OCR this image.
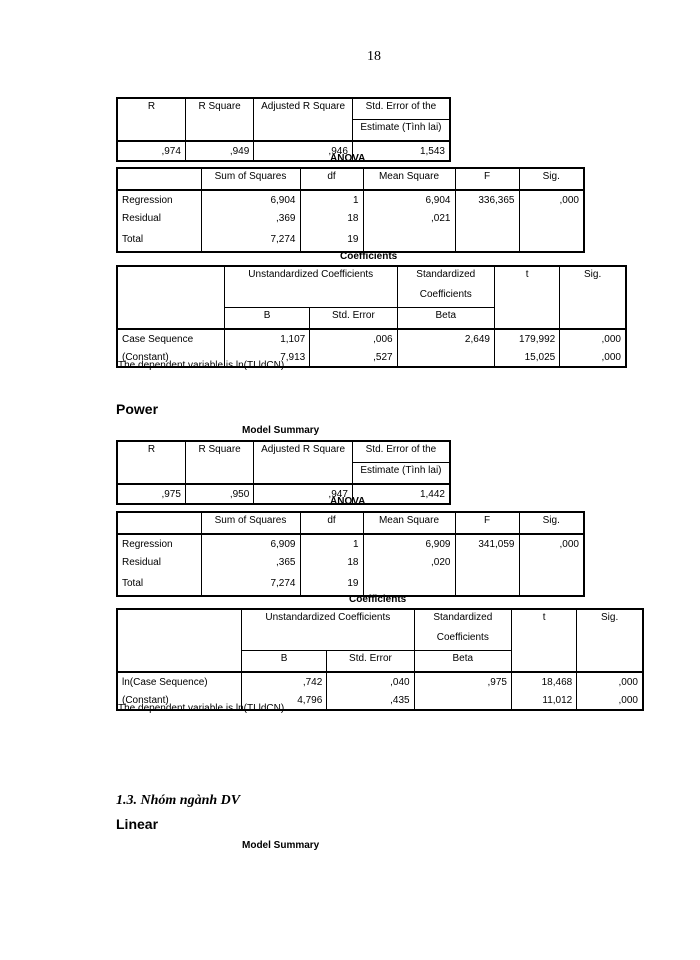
18
R	R Square	Adjusted R Square	Std. Error of the
			Estimate (Tình lai)
,974	,949	,946	1,543
ANOVA
	Sum of Squares	df	Mean Square	F	Sig.
Regression	6,904	1	6,904	336,365	,000
Residual	,369	18	,021		
Total	7,274	19			
Coefficients
	Unstandardized Coefficients		Standardized	t	Sig.
			Coefficients		
	B	Std. Error	Beta		
Case Sequence	1,107	,006	2,649	179,992	,000
(Constant)	7,913	,527		15,025	,000
The dependent variable is ln(TLldCN).
Power
Model Summary
R	R Square	Adjusted R Square	Std. Error of the
			Estimate (Tình lai)
,975	,950	,947	1,442
ANOVA
	Sum of Squares	df	Mean Square	F	Sig.
Regression	6,909	1	6,909	341,059	,000
Residual	,365	18	,020		
Total	7,274	19			
Coefficients
	Unstandardized Coefficients		Standardized	t	Sig.
			Coefficients		
	B	Std. Error	Beta		
ln(Case Sequence)	,742	,040	,975	18,468	,000
(Constant)	4,796	,435		11,012	,000
The dependent variable is ln(TLldCN).
1.3. Nhóm ngành DV
Linear
Model Summary
